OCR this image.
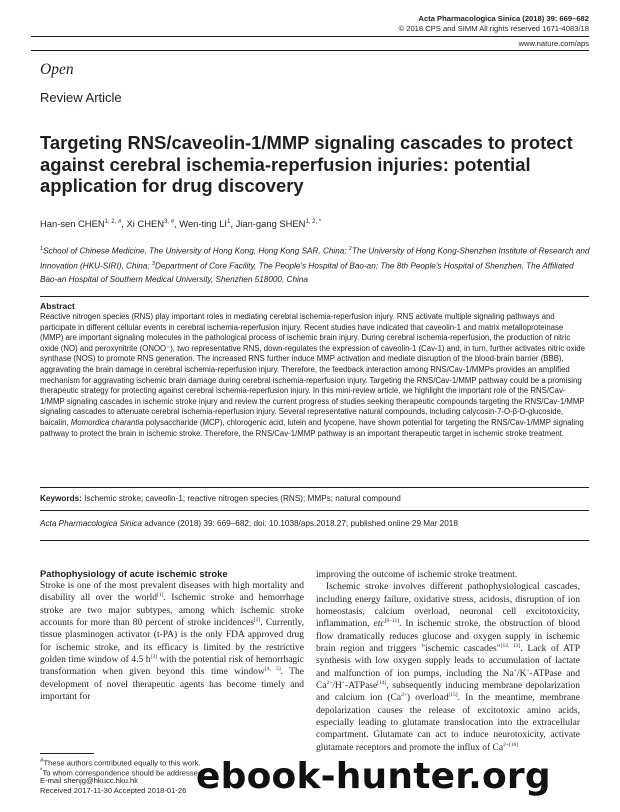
Acta Pharmacologica Sinica (2018) 39: 669–682
© 2018 CPS and SIMM All rights reserved 1671-4083/18
www.nature.com/aps
Open
Review Article
Targeting RNS/caveolin-1/MMP signaling cascades to protect against cerebral ischemia-reperfusion injuries: potential application for drug discovery
Han-sen $CHEN^{1, 2, \#}$, Xi $CHEN^{3, \#}$, Wen-ting $LI^1$, Jian-gang $SHEN^{1, 2, *}$
$^1$School of Chinese Medicine, The University of Hong Kong, Hong Kong SAR, China; $^2$The University of Hong Kong-Shenzhen Institute of Research and Innovation (HKU-SIRI), China; $^3$Department of Core Facility, The People's Hospital of Bao-an; The 8th People's Hospital of Shenzhen, The Affiliated Bao-an Hospital of Southern Medical University, Shenzhen 518000, China
Abstract
Reactive nitrogen species (RNS) play important roles in mediating cerebral ischemia-reperfusion injury. RNS activate multiple signaling pathways and participate in different cellular events in cerebral ischemia-reperfusion injury. Recent studies have indicated that caveolin-1 and matrix metalloproteinase (MMP) are important signaling molecules in the pathological process of ischemic brain injury. During cerebral ischemia-reperfusion, the production of nitric oxide (NO) and peroxynitrite (ONOO⁻), two representative RNS, down-regulates the expression of caveolin-1 (Cav-1) and, in turn, further activates nitric oxide synthase (NOS) to promote RNS generation. The increased RNS further induce MMP activation and mediate disruption of the blood-brain barrier (BBB), aggravating the brain damage in cerebral ischemia-reperfusion injury. Therefore, the feedback interaction among RNS/Cav-1/MMPs provides an amplified mechanism for aggravating ischemic brain damage during cerebral ischemia-reperfusion injury. Targeting the RNS/Cav-1/MMP pathway could be a promising therapeutic strategy for protecting against cerebral ischemia-reperfusion injury. In this mini-review article, we highlight the important role of the RNS/Cav-1/MMP signaling cascades in ischemic stroke injury and review the current progress of studies seeking therapeutic compounds targeting the RNS/Cav-1/MMP signaling cascades to attenuate cerebral ischemia-reperfusion injury. Several representative natural compounds, including calycosin-7-O-β-D-glucoside, baicalin, Momordica charantia polysaccharide (MCP), chlorogenic acid, lutein and lycopene, have shown potential for targeting the RNS/Cav-1/MMP signaling pathway to protect the brain in ischemic stroke. Therefore, the RNS/Cav-1/MMP pathway is an important therapeutic target in ischemic stroke treatment.
Keywords: Ischemic stroke; caveolin-1; reactive nitrogen species (RNS); MMPs; natural compound
Acta Pharmacologica Sinica advance (2018) 39: 669–682; doi: 10.1038/aps.2018.27; published online 29 Mar 2018
Pathophysiology of acute ischemic stroke
Stroke is one of the most prevalent diseases with high mortality and disability all over the world[1]. Ischemic stroke and hemorrhage stroke are two major subtypes, among which ischemic stroke accounts for more than 80 percent of stroke incidences[2]. Currently, tissue plasminogen activator (t-PA) is the only FDA approved drug for ischemic stroke, and its efficacy is limited by the restrictive golden time window of 4.5 h[3] with the potential risk of hemorrhagic transformation when given beyond this time window[4, 5]. The development of novel therapeutic agents has become timely and important for
improving the outcome of ischemic stroke treatment.
Ischemic stroke involves different pathophysiological cascades, including energy failure, oxidative stress, acidosis, disruption of ion homeostasis, calcium overload, neuronal cell excitotoxicity, inflammation, etc[6–11]. In ischemic stroke, the obstruction of blood flow dramatically reduces glucose and oxygen supply in ischemic brain region and triggers "ischemic cascades"[12, 13]. Lack of ATP synthesis with low oxygen supply leads to accumulation of lactate and malfunction of ion pumps, including the Na+/K+-ATPase and $Ca^{2+}/H^+-ATPase[14]$, subsequently inducing membrane depolarization and calcium ion $(Ca^{2+})$ overload[15]. In the meantime, membrane depolarization causes the release of excitotoxic amino acids, especially leading to glutamate translocation into the extracellular compartment. Glutamate can act to induce neurotoxicity, activate glutamate receptors and promote the influx of $Ca^{2+[16]}$
#These authors contributed equally to this work.
*To whom correspondence should be addressed.
E-mail shenjg@hkucc.hku.hk
Received 2017-11-30 Accepted 2018-01-26 ebook-hunter.org
